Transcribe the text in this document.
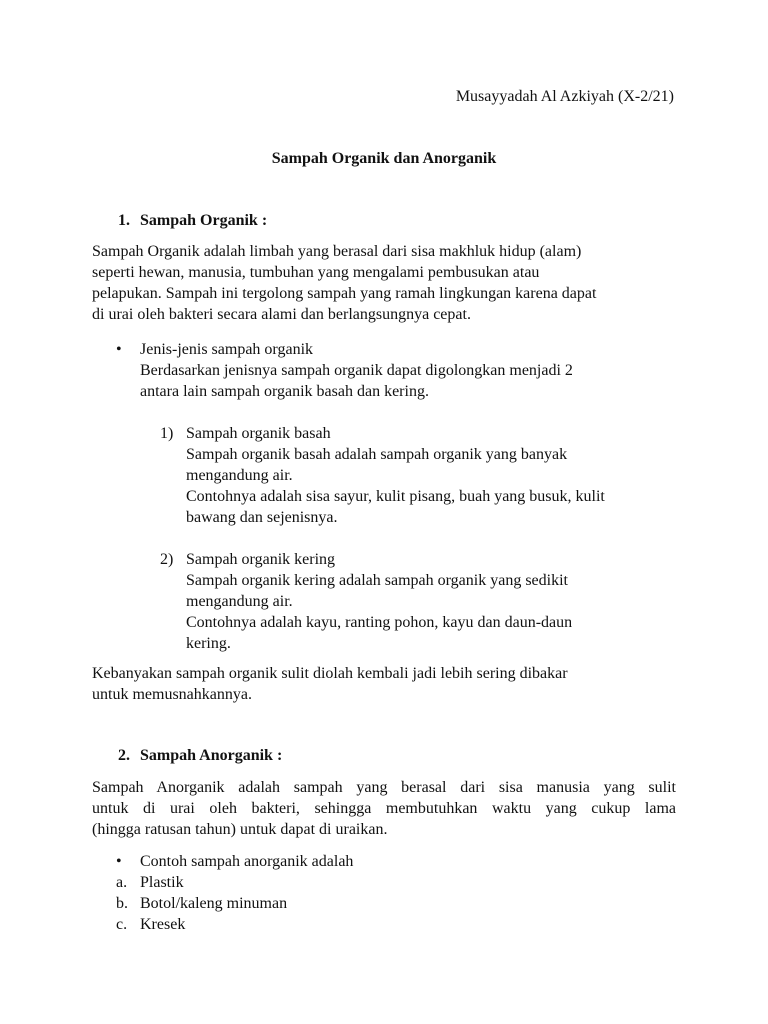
Musayyadah Al Azkiyah (X-2/21)
Sampah Organik dan Anorganik
1. Sampah Organik :
Sampah Organik adalah limbah yang berasal dari sisa makhluk hidup (alam)
seperti hewan, manusia, tumbuhan yang mengalami pembusukan atau
pelapukan. Sampah ini tergolong sampah yang ramah lingkungan karena dapat
di urai oleh bakteri secara alami dan berlangsungnya cepat.
• Jenis-jenis sampah organik
Berdasarkan jenisnya sampah organik dapat digolongkan menjadi 2
antara lain sampah organik basah dan kering.
1) Sampah organik basah
Sampah organik basah adalah sampah organik yang banyak
mengandung air.
Contohnya adalah sisa sayur, kulit pisang, buah yang busuk, kulit
bawang dan sejenisnya.
2) Sampah organik kering
Sampah organik kering adalah sampah organik yang sedikit
mengandung air.
Contohnya adalah kayu, ranting pohon, kayu dan daun-daun
kering.
Kebanyakan sampah organik sulit diolah kembali jadi lebih sering dibakar
untuk memusnahkannya.
2. Sampah Anorganik :
Sampah Anorganik adalah sampah yang berasal dari sisa manusia yang sulit
untuk di urai oleh bakteri, sehingga membutuhkan waktu yang cukup lama
(hingga ratusan tahun) untuk dapat di uraikan.
• Contoh sampah anorganik adalah
a. Plastik
b. Botol/kaleng minuman
c. Kresek
